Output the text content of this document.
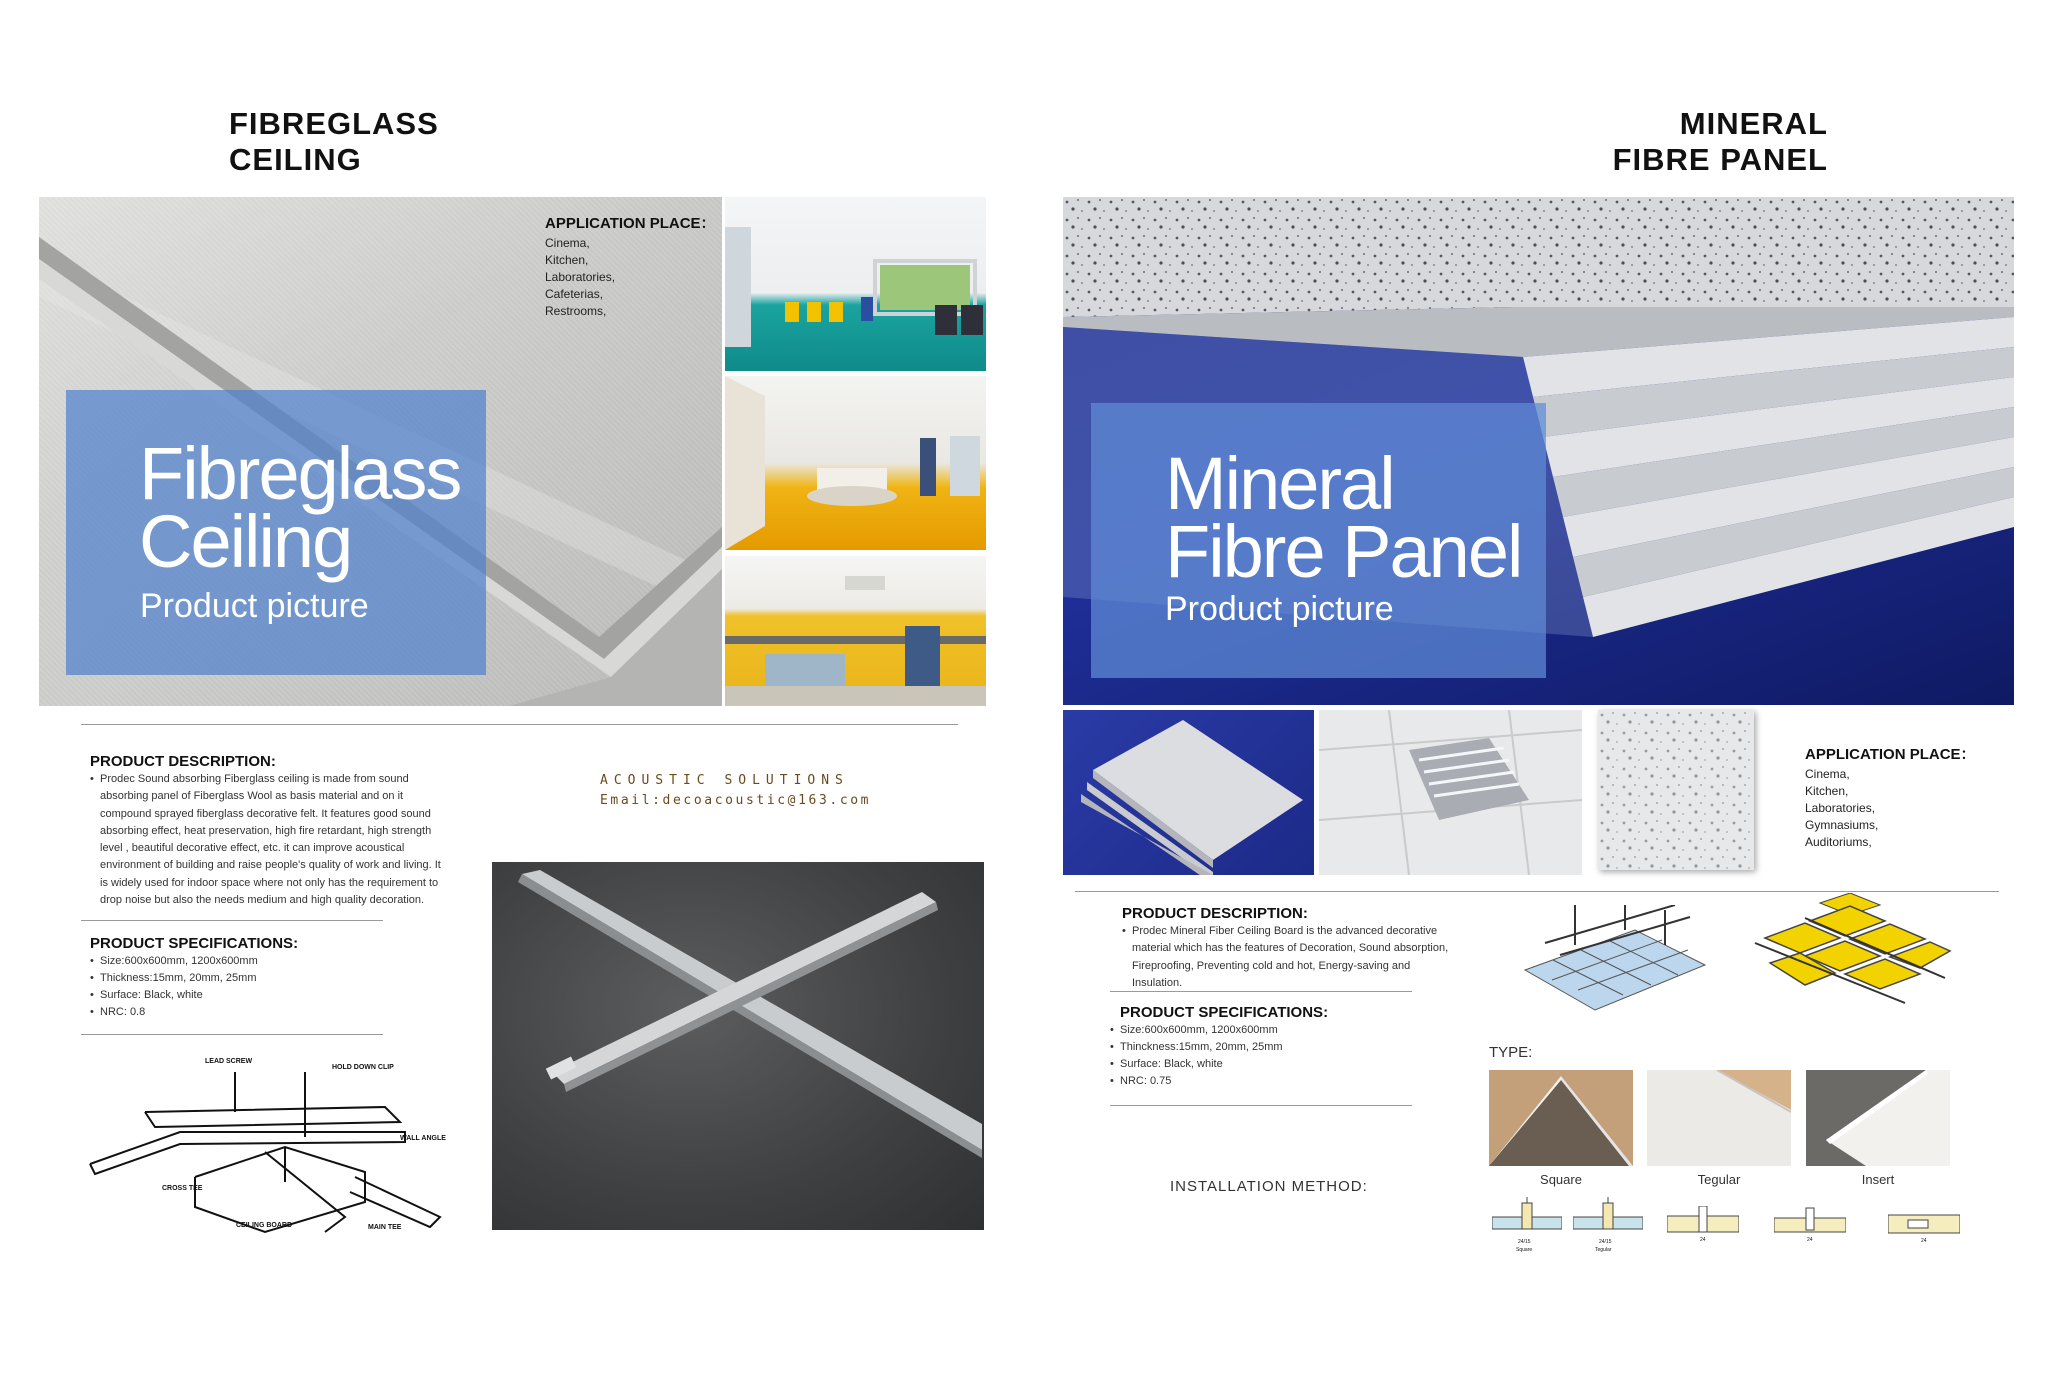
FIBREGLASS
CEILING
Fibreglass
Ceiling
Product picture
APPLICATION PLACE：
Cinema,
Kitchen,
Laboratories,
Cafeterias,
Restrooms,
PRODUCT DESCRIPTION:
• Prodec Sound absorbing Fiberglass ceiling is made from sound absorbing panel of Fiberglass Wool as basis material and on it compound sprayed fiberglass decorative felt. It features good sound absorbing effect, heat preservation, high fire retardant, high strength level , beautiful decorative effect, etc. it can improve acoustical environment of building and raise people's quality of work and living. It is widely used for indoor space where not only has the requirement to drop noise but also the needs medium and high quality decoration.
PRODUCT SPECIFICATIONS:
• Size:600x600mm, 1200x600mm
• Thickness:15mm, 20mm, 25mm
• Surface: Black, white
• NRC: 0.8
ACOUSTIC SOLUTIONS
Email:decoacoustic@163.com
LEAD SCREW
HOLD DOWN CLIP
WALL ANGLE
CROSS TEE
CEILING BOARD	MAIN TEE
MINERAL
FIBRE PANEL
Mineral
Fibre Panel
Product picture
APPLICATION PLACE：
Cinema,
Kitchen,
Laboratories,
Gymnasiums,
Auditoriums,
PRODUCT DESCRIPTION:
• Prodec Mineral Fiber Ceiling Board is the advanced decorative material which has the features of Decoration, Sound absorption, Fireproofing, Preventing cold and hot, Energy-saving and Insulation.
PRODUCT SPECIFICATIONS:
• Size:600x600mm, 1200x600mm
• Thinckness:15mm, 20mm, 25mm
• Surface: Black, white
• NRC: 0.75
TYPE:
Square	Tegular	Insert
INSTALLATION METHOD:
24/15
Square
24/15
Tegular
24	24	24
